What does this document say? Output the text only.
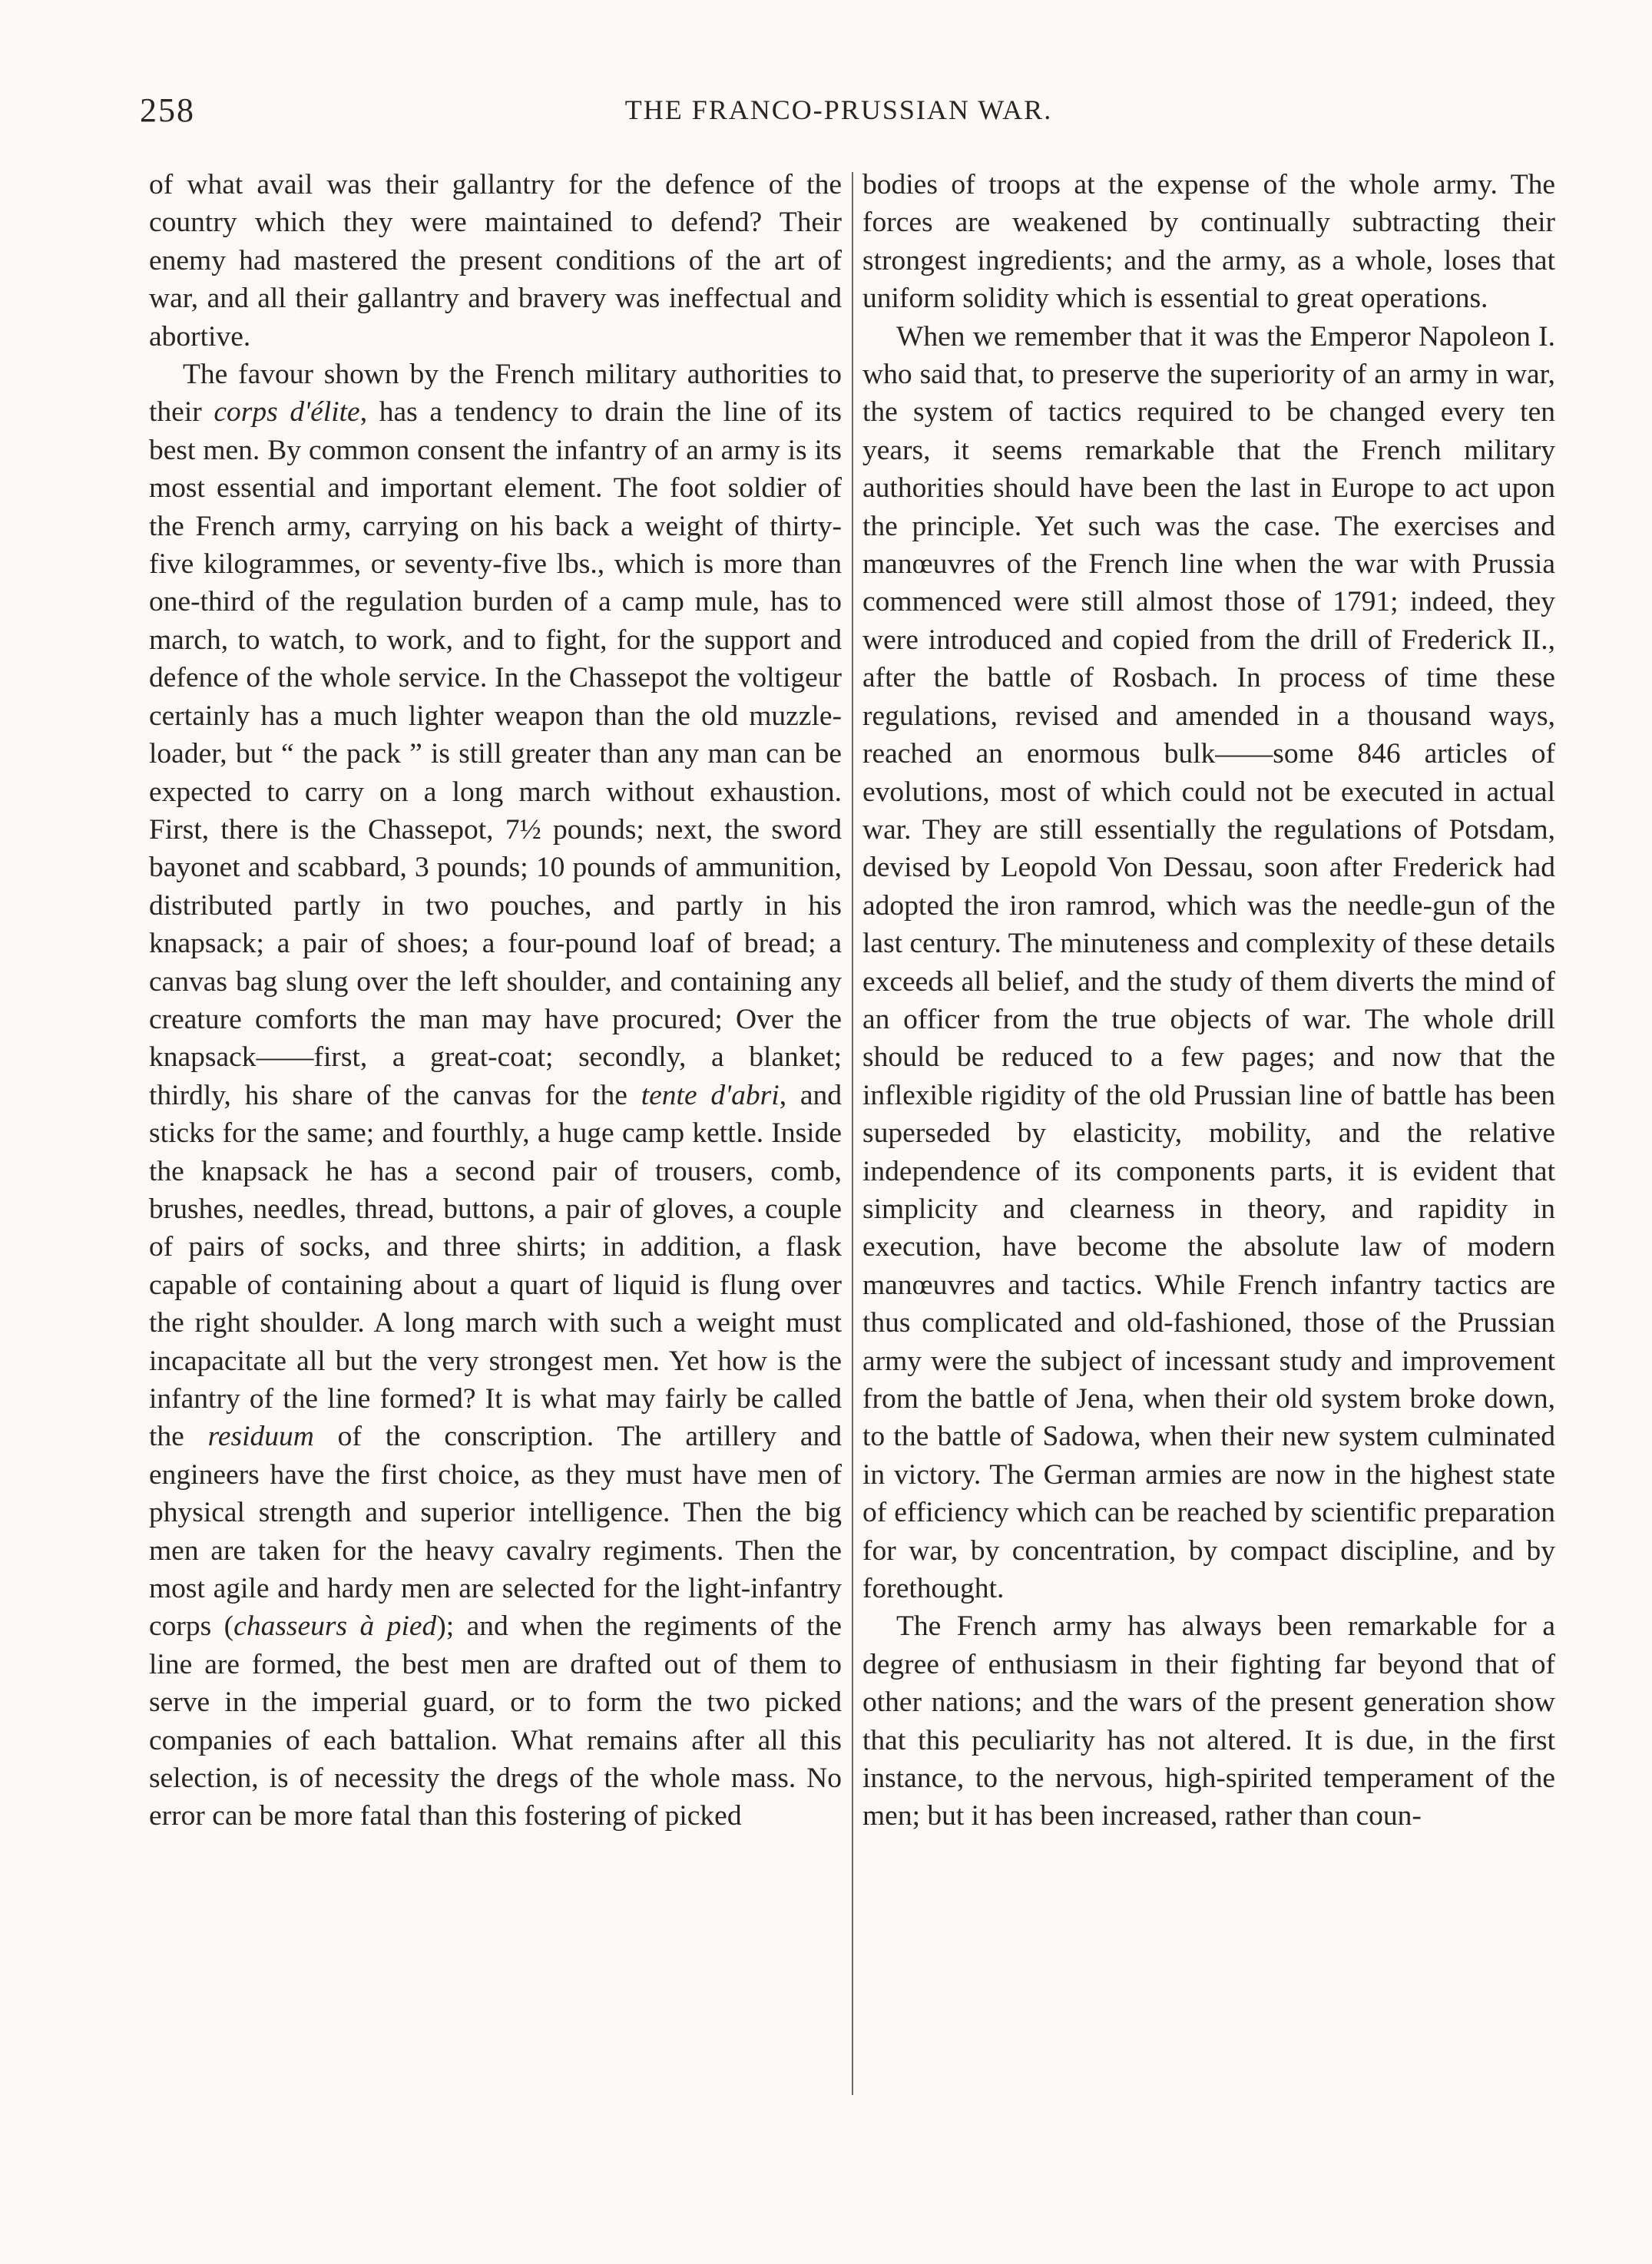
258	THE FRANCO-PRUSSIAN WAR.

of what avail was their gallantry for the defence of the country which they were maintained to defend? Their enemy had mastered the present conditions of the art of war, and all their gallantry and bravery was ineffectual and abortive.

The favour shown by the French military authorities to their corps d'élite, has a tendency to drain the line of its best men. By common consent the infantry of an army is its most essential and important element. The foot soldier of the French army, carrying on his back a weight of thirty-five kilogrammes, or seventy-five lbs., which is more than one-third of the regulation burden of a camp mule, has to march, to watch, to work, and to fight, for the support and defence of the whole service. In the Chassepot the voltigeur certainly has a much lighter weapon than the old muzzle-loader, but “ the pack ” is still greater than any man can be expected to carry on a long march without exhaustion. First, there is the Chassepot, 7½ pounds; next, the sword bayonet and scabbard, 3 pounds; 10 pounds of ammunition, distributed partly in two pouches, and partly in his knapsack; a pair of shoes; a four-pound loaf of bread; a canvas bag slung over the left shoulder, and containing any creature comforts the man may have procured; Over the knapsack——first, a great-coat; secondly, a blanket; thirdly, his share of the canvas for the tente d'abri, and sticks for the same; and fourthly, a huge camp kettle. Inside the knapsack he has a second pair of trousers, comb, brushes, needles, thread, buttons, a pair of gloves, a couple of pairs of socks, and three shirts; in addition, a flask capable of containing about a quart of liquid is flung over the right shoulder. A long march with such a weight must incapacitate all but the very strongest men. Yet how is the infantry of the line formed? It is what may fairly be called the residuum of the conscription. The artillery and engineers have the first choice, as they must have men of physical strength and superior intelligence. Then the big men are taken for the heavy cavalry regiments. Then the most agile and hardy men are selected for the light-infantry corps (chasseurs à pied); and when the regiments of the line are formed, the best men are drafted out of them to serve in the imperial guard, or to form the two picked companies of each battalion. What remains after all this selection, is of necessity the dregs of the whole mass. No error can be more fatal than this fostering of picked

bodies of troops at the expense of the whole army. The forces are weakened by continually subtracting their strongest ingredients; and the army, as a whole, loses that uniform solidity which is essential to great operations.

When we remember that it was the Emperor Napoleon I. who said that, to preserve the superiority of an army in war, the system of tactics required to be changed every ten years, it seems remarkable that the French military authorities should have been the last in Europe to act upon the principle. Yet such was the case. The exercises and manœuvres of the French line when the war with Prussia commenced were still almost those of 1791; indeed, they were introduced and copied from the drill of Frederick II., after the battle of Rosbach. In process of time these regulations, revised and amended in a thousand ways, reached an enormous bulk——some 846 articles of evolutions, most of which could not be executed in actual war. They are still essentially the regulations of Potsdam, devised by Leopold Von Dessau, soon after Frederick had adopted the iron ramrod, which was the needle-gun of the last century. The minuteness and complexity of these details exceeds all belief, and the study of them diverts the mind of an officer from the true objects of war. The whole drill should be reduced to a few pages; and now that the inflexible rigidity of the old Prussian line of battle has been superseded by elasticity, mobility, and the relative independence of its components parts, it is evident that simplicity and clearness in theory, and rapidity in execution, have become the absolute law of modern manœuvres and tactics. While French infantry tactics are thus complicated and old-fashioned, those of the Prussian army were the subject of incessant study and improvement from the battle of Jena, when their old system broke down, to the battle of Sadowa, when their new system culminated in victory. The German armies are now in the highest state of efficiency which can be reached by scientific preparation for war, by concentration, by compact discipline, and by forethought.

The French army has always been remarkable for a degree of enthusiasm in their fighting far beyond that of other nations; and the wars of the present generation show that this peculiarity has not altered. It is due, in the first instance, to the nervous, high-spirited temperament of the men; but it has been increased, rather than coun-
